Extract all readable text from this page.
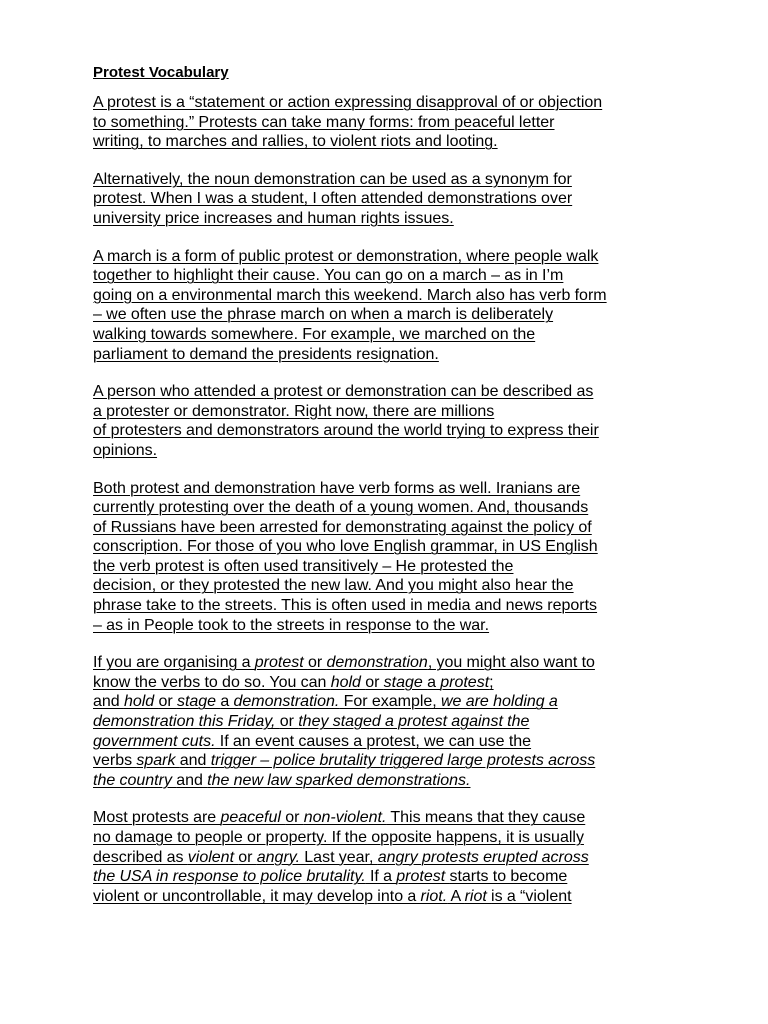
Protest Vocabulary
A protest is a “statement or action expressing disapproval of or objection
to something.” Protests can take many forms: from peaceful letter
writing, to marches and rallies, to violent riots and looting.
Alternatively, the noun demonstration can be used as a synonym for
protest. When I was a student, I often attended demonstrations over
university price increases and human rights issues.
A march is a form of public protest or demonstration, where people walk
together to highlight their cause. You can go on a march – as in I’m
going on a environmental march this weekend. March also has verb form
– we often use the phrase march on when a march is deliberately
walking towards somewhere. For example, we marched on the
parliament to demand the presidents resignation.
A person who attended a protest or demonstration can be described as
a protester or demonstrator. Right now, there are millions
of protesters and demonstrators around the world trying to express their
opinions.
Both protest and demonstration have verb forms as well. Iranians are
currently protesting over the death of a young women. And, thousands
of Russians have been arrested for demonstrating against the policy of
conscription. For those of you who love English grammar, in US English
the verb protest is often used transitively – He protested the
decision, or they protested the new law. And you might also hear the
phrase take to the streets. This is often used in media and news reports
– as in People took to the streets in response to the war.
If you are organising a protest or demonstration, you might also want to
know the verbs to do so. You can hold or stage a protest;
and hold or stage a demonstration. For example, we are holding a
demonstration this Friday, or they staged a protest against the
government cuts. If an event causes a protest, we can use the
verbs spark and trigger – police brutality triggered large protests across
the country and the new law sparked demonstrations.
Most protests are peaceful or non-violent. This means that they cause
no damage to people or property. If the opposite happens, it is usually
described as violent or angry. Last year, angry protests erupted across
the USA in response to police brutality. If a protest starts to become
violent or uncontrollable, it may develop into a riot. A riot is a “violent
